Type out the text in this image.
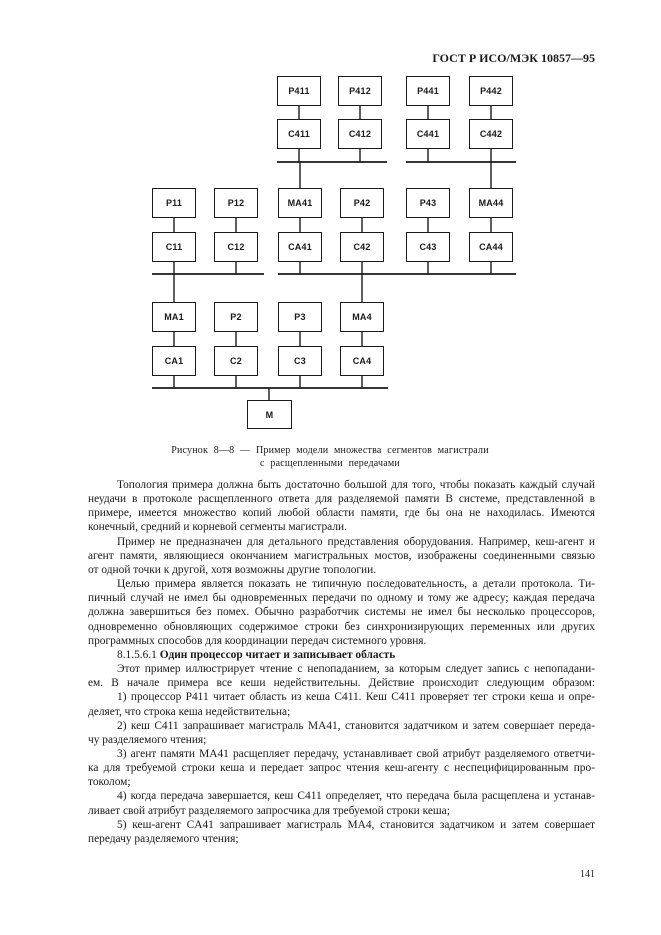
ГОСТ Р ИСО/МЭК 10857—95
P411	P412
C411	C412
P441	P442
C441	C442
P11	P12
C11	C12
MA41	P42	P43	MA44
CA41	C42	C43	CA44
MA1	P2	P3	MA4
CA1	C2	C3	CA4
M
Рисунок 8—8 — Пример модели множества сегментов магистрали
с расщепленными передачами
Топология примера должна быть достаточно большой для того, чтобы показать каждый случай
неудачи в протоколе расщепленного ответа для разделяемой памяти В системе, представленной в
примере, имеется множество копий любой области памяти, где бы она не находилась. Имеются
конечный, средний и корневой сегменты магистрали.
Пример не предназначен для детального представления оборудования. Например, кеш-агент и
агент памяти, являющиеся окончанием магистральных мостов, изображены соединенными связью
от одной точки к другой, хотя возможны другие топологии.
Целью примера является показать не типичную последовательность, а детали протокола. Ти-
пичный случай не имел бы одновременных передачи по одному и тому же адресу; каждая передача
должна завершиться без помех. Обычно разработчик системы не имел бы несколько процессоров,
одновременно обновляющих содержимое строки без синхронизирующих переменных или других
программных способов для координации передач системного уровня.
8.1.5.6.1 Один процессор читает и записывает область
Этот пример иллюстрирует чтение с непопаданием, за которым следует запись с непопадани-
ем. В начале примера все кеши недействительны. Действие происходит следующим образом:
1) процессор P411 читает область из кеша C411. Кеш C411 проверяет тег строки кеша и опре-
деляет, что строка кеша недействительна;
2) кеш C411 запрашивает магистраль MA41, становится задатчиком и затем совершает переда-
чу разделяемого чтения;
3) агент памяти MA41 расщепляет передачу, устанавливает свой атрибут разделяемого ответчи-
ка для требуемой строки кеша и передает запрос чтения кеш-агенту с неспецифицированным про-
токолом;
4) когда передача завершается, кеш C411 определяет, что передача была расщеплена и устанав-
ливает свой атрибут разделяемого запросчика для требуемой строки кеша;
5) кеш-агент CA41 запрашивает магистраль MA4, становится задатчиком и затем совершает
передачу разделяемого чтения;
141
